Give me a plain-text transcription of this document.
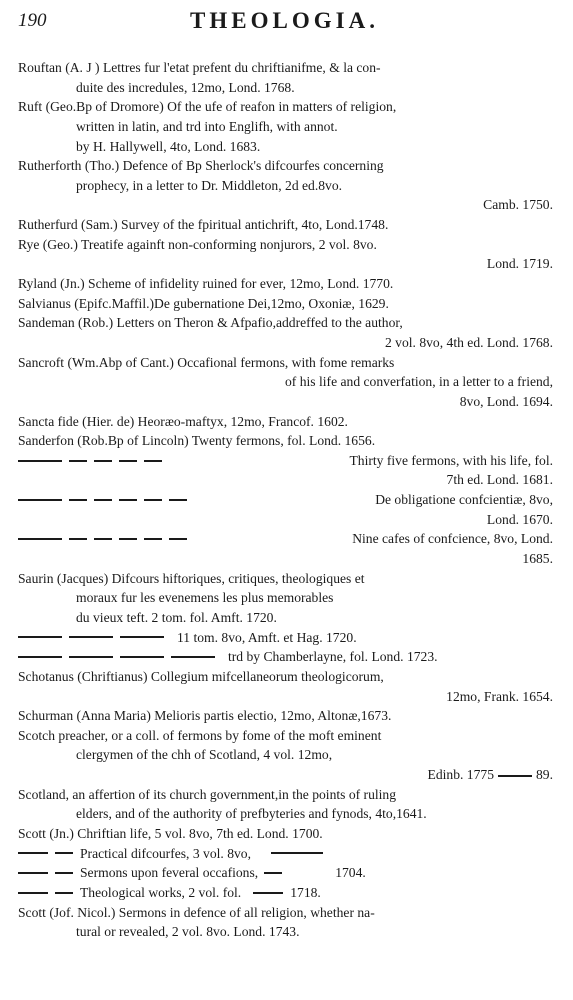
190	THEOLOGIA.
Rouftan (A. J ) Lettres fur l'etat prefent du chriftianifme, & la con-
duite des incredules, 12mo, Lond. 1768.
Ruft (Geo.Bp of Dromore) Of the ufe of reafon in matters of religion,
written in latin, and trd into Englifh, with annot.
by H. Hallywell, 4to, Lond. 1683.
Rutherforth (Tho.) Defence of Bp Sherlock's difcourfes concerning
prophecy, in a letter to Dr. Middleton, 2d ed.8vo.
Camb. 1750.
Rutherfurd (Sam.) Survey of the fpiritual antichrift, 4to, Lond.1748.
Rye (Geo.) Treatife againft non-conforming nonjurors, 2 vol. 8vo.
Lond. 1719.
Ryland (Jn.) Scheme of infidelity ruined for ever, 12mo, Lond. 1770.
Salvianus (Epifc.Maffil.)De gubernatione Dei,12mo, Oxoniæ, 1629.
Sandeman (Rob.) Letters on Theron & Afpafio,addreffed to the author,
2 vol. 8vo, 4th ed. Lond. 1768.
Sancroft (Wm.Abp of Cant.) Occafional fermons, with fome remarks
of his life and converfation, in a letter to a friend,
8vo, Lond. 1694.
Sancta fide (Hier. de) Heoræo-maftyx, 12mo, Francof. 1602.
Sanderfon (Rob.Bp of Lincoln) Twenty fermons, fol. Lond. 1656.
Thirty five fermons, with his life, fol.
7th ed. Lond. 1681.
De obligatione confcientiæ, 8vo,
Lond. 1670.
Nine cafes of confcience, 8vo, Lond.
1685.
Saurin (Jacques) Difcours hiftoriques, critiques, theologiques et
moraux fur les evenemens les plus memorables
du vieux teft. 2 tom. fol. Amft. 1720.
11 tom. 8vo, Amft. et Hag. 1720.
trd by Chamberlayne, fol. Lond. 1723.
Schotanus (Chriftianus) Collegium mifcellaneorum theologicorum,
12mo, Frank. 1654.
Schurman (Anna Maria) Melioris partis electio, 12mo, Altonæ,1673.
Scotch preacher, or a coll. of fermons by fome of the moft eminent
clergymen of the chh of Scotland, 4 vol. 12mo,
Edinb. 1775	89.
Scotland, an affertion of its church government,in the points of ruling
elders, and of the authority of prefbyteries and fynods, 4to,1641.
Scott (Jn.) Chriftian life, 5 vol. 8vo, 7th ed. Lond. 1700.
Practical difcourfes, 3 vol. 8vo,
Sermons upon feveral occafions,	1704.
Theological works, 2 vol. fol.	1718.
Scott (Jof. Nicol.) Sermons in defence of all religion, whether na-
tural or revealed, 2 vol. 8vo. Lond. 1743.
